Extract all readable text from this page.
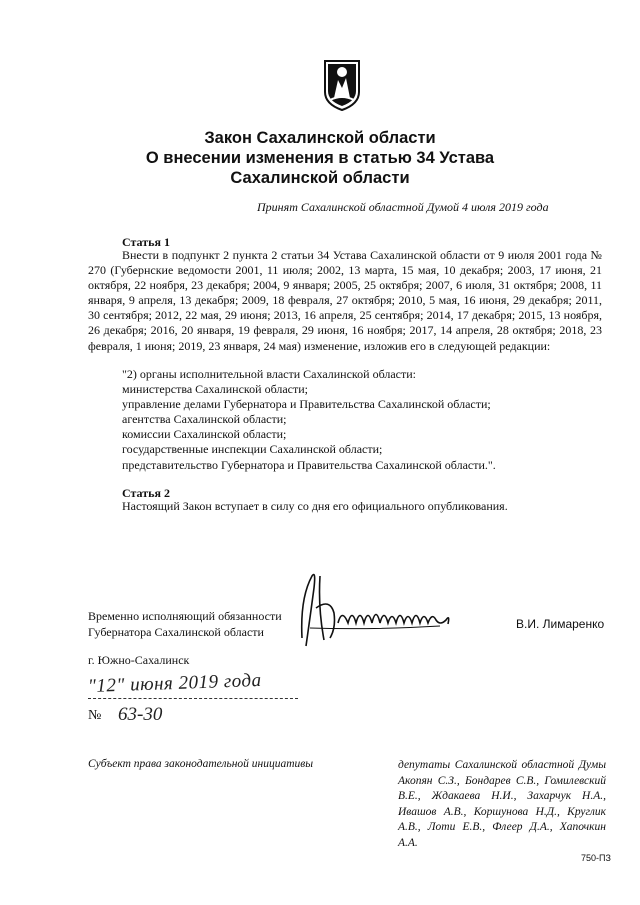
Закон Сахалинской области
О внесении изменения в статью 34 Устава
Сахалинской области
Принят Сахалинской областной Думой 4 июля 2019 года
Статья 1

Внести в подпункт 2 пункта 2 статьи 34 Устава Сахалинской области от 9 июля 2001 года № 270 (Губернские ведомости 2001, 11 июля; 2002, 13 марта, 15 мая, 10 декабря; 2003, 17 июня, 21 октября, 22 ноября, 23 декабря; 2004, 9 января; 2005, 25 октября; 2007, 6 июля, 31 октября; 2008, 11 января, 9 апреля, 13 декабря; 2009, 18 февраля, 27 октября; 2010, 5 мая, 16 июня, 29 декабря; 2011, 30 сентября; 2012, 22 мая, 29 июня; 2013, 16 апреля, 25 сентября; 2014, 17 декабря; 2015, 13 ноября, 26 декабря; 2016, 20 января, 19 февраля, 29 июня, 16 ноября; 2017, 14 апреля, 28 октября; 2018, 23 февраля, 1 июня; 2019, 23 января, 24 мая) изменение, изложив его в следующей редакции:

"2) органы исполнительной власти Сахалинской области:
министерства Сахалинской области;
управление делами Губернатора и Правительства Сахалинской области;
агентства Сахалинской области;
комиссии Сахалинской области;
государственные инспекции Сахалинской области;
представительство Губернатора и Правительства Сахалинской области.".
Статья 2

Настоящий Закон вступает в силу со дня его официального опубликования.

Временно исполняющий обязанности
Губернатора Сахалинской области
В.И. Лимаренко
г. Южно-Сахалинск
"12" июня 2019 года
№ 63-30
Субъект права законодательной инициативы	депутаты Сахалинской областной Думы Акопян С.З., Бондарев С.В., Гомилевский В.Е., Ждакаева Н.И., Захарчук Н.А., Ивашов А.В., Коршунова Н.Д., Круглик А.В., Лоти Е.В., Флеер Д.А., Хапочкин А.А.
750-ПЗ
